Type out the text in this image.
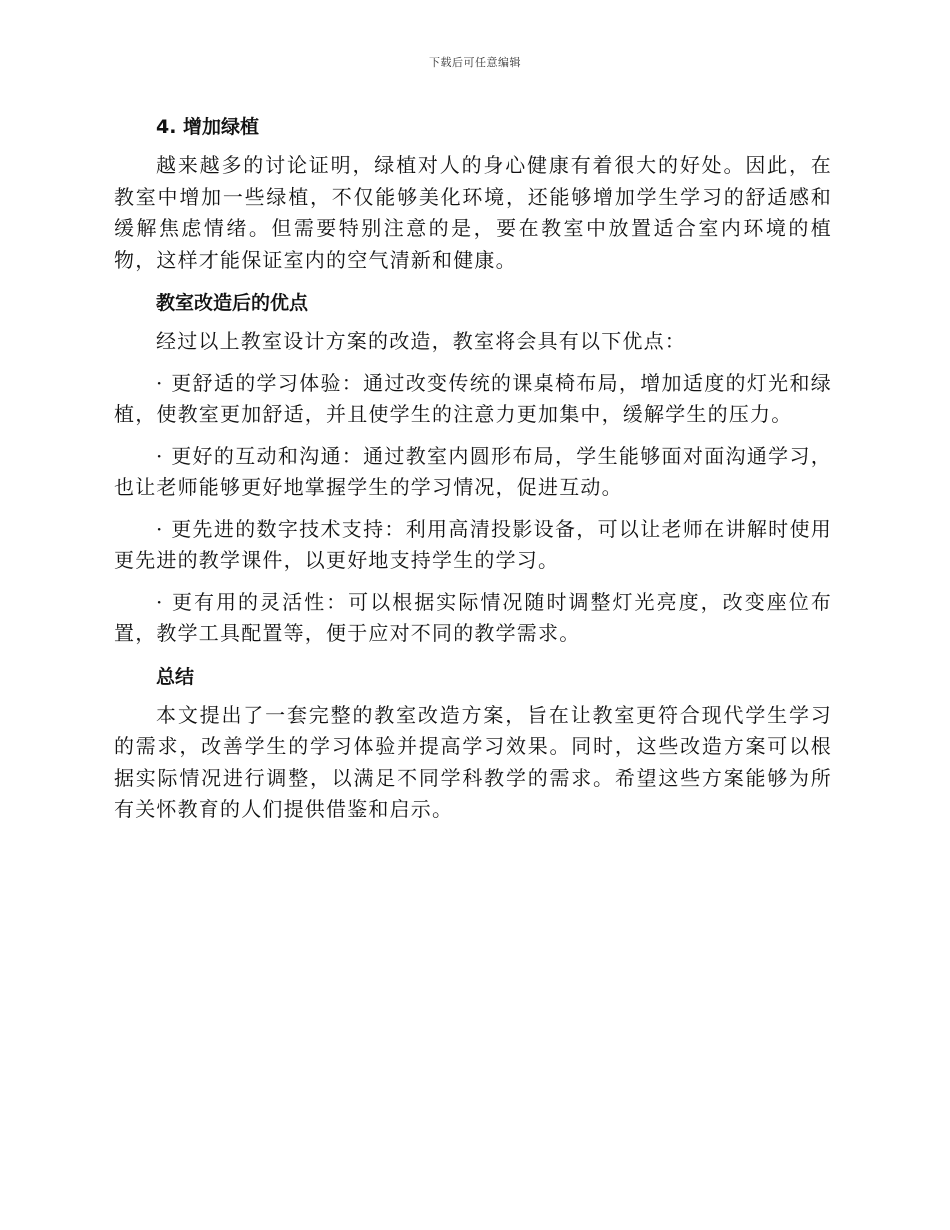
下载后可任意编辑
4. 增加绿植

越来越多的讨论证明，绿植对人的身心健康有着很大的好处。因此，在教室中增加一些绿植，不仅能够美化环境，还能够增加学生学习的舒适感和缓解焦虑情绪。但需要特别注意的是，要在教室中放置适合室内环境的植物，这样才能保证室内的空气清新和健康。

教室改造后的优点

经过以上教室设计方案的改造，教室将会具有以下优点：

· 更舒适的学习体验：通过改变传统的课桌椅布局，增加适度的灯光和绿植，使教室更加舒适，并且使学生的注意力更加集中，缓解学生的压力。

· 更好的互动和沟通：通过教室内圆形布局，学生能够面对面沟通学习，也让老师能够更好地掌握学生的学习情况，促进互动。

· 更先进的数字技术支持：利用高清投影设备，可以让老师在讲解时使用更先进的教学课件，以更好地支持学生的学习。

· 更有用的灵活性：可以根据实际情况随时调整灯光亮度，改变座位布置，教学工具配置等，便于应对不同的教学需求。

总结

本文提出了一套完整的教室改造方案，旨在让教室更符合现代学生学习的需求，改善学生的学习体验并提高学习效果。同时，这些改造方案可以根据实际情况进行调整，以满足不同学科教学的需求。希望这些方案能够为所有关怀教育的人们提供借鉴和启示。
